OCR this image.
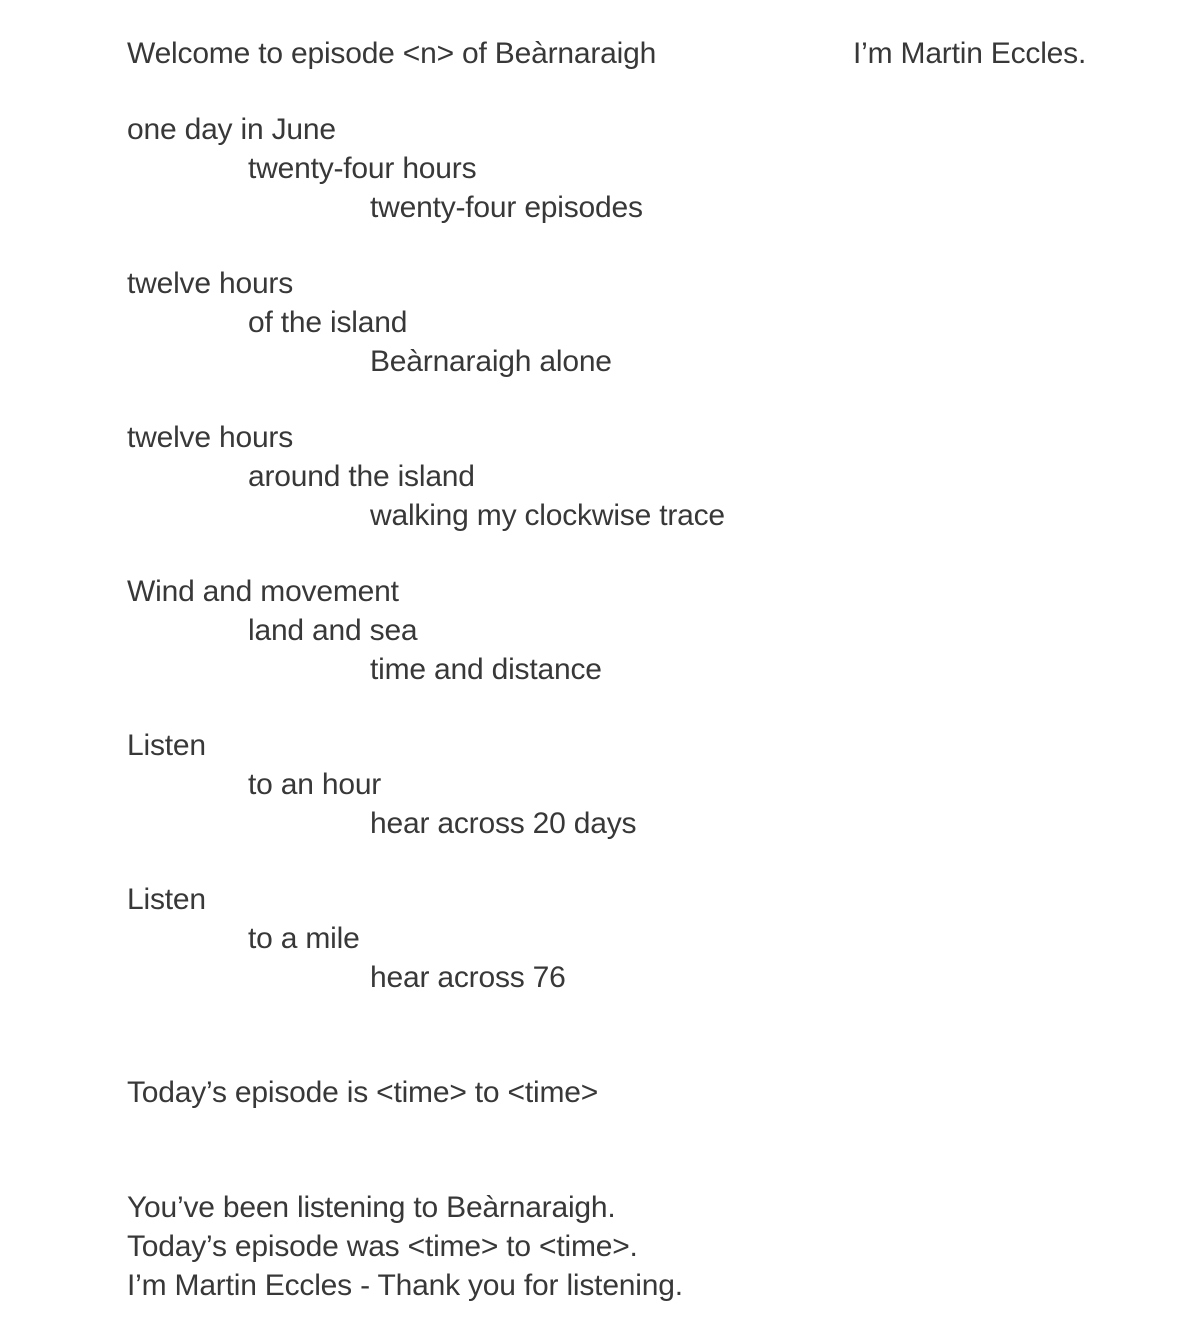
Welcome to episode <n> of Beàrnaraigh	I’m Martin Eccles.
one day in June
twenty-four hours
twenty-four episodes
twelve hours
of the island
Beàrnaraigh alone
twelve hours
around the island
walking my clockwise trace
Wind and movement
land and sea
time and distance
Listen
to an hour
hear across 20 days
Listen
to a mile
hear across 76
Today’s episode is <time> to <time>
You’ve been listening to Beàrnaraigh.
Today’s episode was <time> to <time>.
I’m Martin Eccles - Thank you for listening.
